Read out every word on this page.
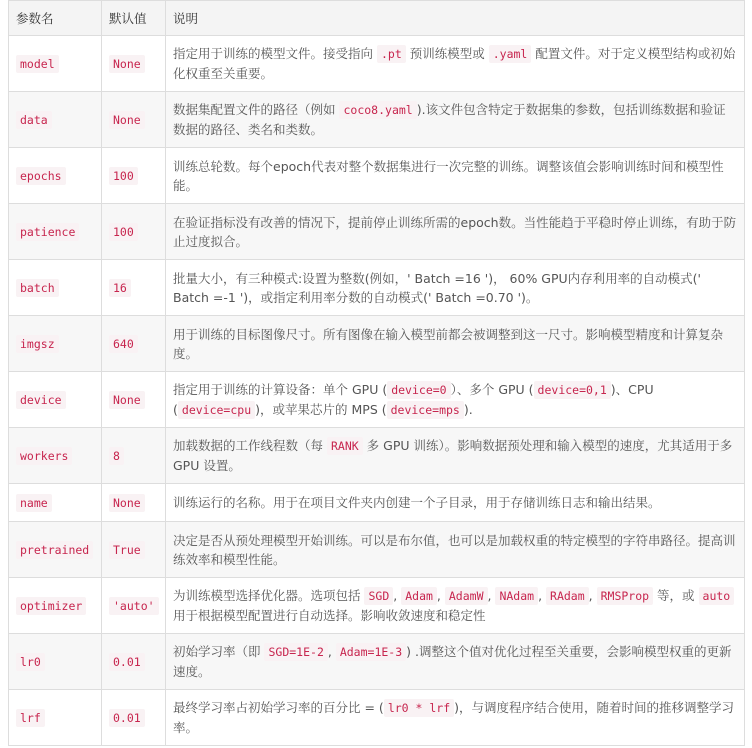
参数名	默认值	说明
model	None	指定用于训练的模型文件。接受指向 .pt 预训练模型或 .yaml 配置文件。对于定义模型结构或初始化权重至关重要。
data	None	数据集配置文件的路径（例如 coco8.yaml ).该文件包含特定于数据集的参数，包括训练数据和验证数据的路径、类名和类数。
epochs	100	训练总轮数。每个epoch代表对整个数据集进行一次完整的训练。调整该值会影响训练时间和模型性能。
patience	100	在验证指标没有改善的情况下，提前停止训练所需的epoch数。当性能趋于平稳时停止训练，有助于防止过度拟合。
batch	16	批量大小，有三种模式:设置为整数(例如，' Batch =16 ')， 60% GPU内存利用率的自动模式(' Batch =-1 ')，或指定利用率分数的自动模式(' Batch =0.70 ')。
imgsz	640	用于训练的目标图像尺寸。所有图像在输入模型前都会被调整到这一尺寸。影响模型精度和计算复杂度。
device	None	指定用于训练的计算设备：单个 GPU ( device=0 ）、多个 GPU ( device=0,1 )、CPU ( device=cpu )，或苹果芯片的 MPS ( device=mps ).
workers	8	加载数据的工作线程数（每 RANK 多 GPU 训练）。影响数据预处理和输入模型的速度，尤其适用于多 GPU 设置。
name	None	训练运行的名称。用于在项目文件夹内创建一个子目录，用于存储训练日志和输出结果。
pretrained	True	决定是否从预处理模型开始训练。可以是布尔值，也可以是加载权重的特定模型的字符串路径。提高训练效率和模型性能。
optimizer	'auto'	为训练模型选择优化器。选项包括 SGD , Adam , AdamW , NAdam , RAdam , RMSProp 等，或 auto 用于根据模型配置进行自动选择。影响收敛速度和稳定性
lr0	0.01	初始学习率（即 SGD=1E-2 , Adam=1E-3 ) .调整这个值对优化过程至关重要，会影响模型权重的更新速度。
lrf	0.01	最终学习率占初始学习率的百分比 = ( lr0 * lrf )，与调度程序结合使用，随着时间的推移调整学习率。
